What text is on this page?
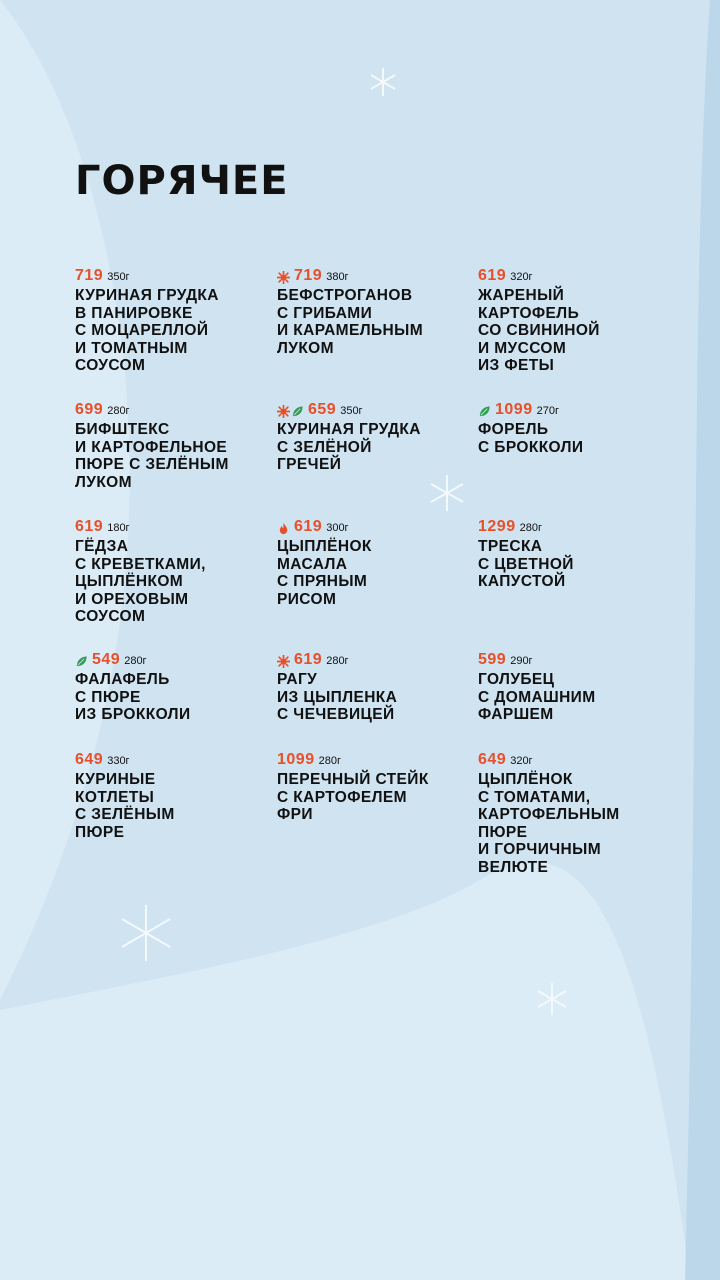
ГОРЯЧЕЕ
719 350г
КУРИНАЯ ГРУДКА
В ПАНИРОВКЕ
С МОЦАРЕЛЛОЙ
И ТОМАТНЫМ
СОУСОМ
719 380г
БЕФСТРОГАНОВ
С ГРИБАМИ
И КАРАМЕЛЬНЫМ
ЛУКОМ
619 320г
ЖАРЕНЫЙ
КАРТОФЕЛЬ
СО СВИНИНОЙ
И МУССОМ
ИЗ ФЕТЫ
699 280г
БИФШТЕКС
И КАРТОФЕЛЬНОЕ
ПЮРЕ С ЗЕЛЁНЫМ
ЛУКОМ
659 350г
КУРИНАЯ ГРУДКА
С ЗЕЛЁНОЙ
ГРЕЧЕЙ
1099 270г
ФОРЕЛЬ
С БРОККОЛИ
619 180г
ГЁДЗА
С КРЕВЕТКАМИ,
ЦЫПЛЁНКОМ
И ОРЕХОВЫМ
СОУСОМ
619 300г
ЦЫПЛЁНОК
МАСАЛА
С ПРЯНЫМ
РИСОМ
1299 280г
ТРЕСКА
С ЦВЕТНОЙ
КАПУСТОЙ
549 280г
ФАЛАФЕЛЬ
С ПЮРЕ
ИЗ БРОККОЛИ
619 280г
РАГУ
ИЗ ЦЫПЛЕНКА
С ЧЕЧЕВИЦЕЙ
599 290г
ГОЛУБЕЦ
С ДОМАШНИМ
ФАРШЕМ
649 330г
КУРИНЫЕ
КОТЛЕТЫ
С ЗЕЛЁНЫМ
ПЮРЕ
1099 280г
ПЕРЕЧНЫЙ СТЕЙК
С КАРТОФЕЛЕМ
ФРИ
649 320г
ЦЫПЛЁНОК
С ТОМАТАМИ,
КАРТОФЕЛЬНЫМ
ПЮРЕ
И ГОРЧИЧНЫМ
ВЕЛЮТЕ
